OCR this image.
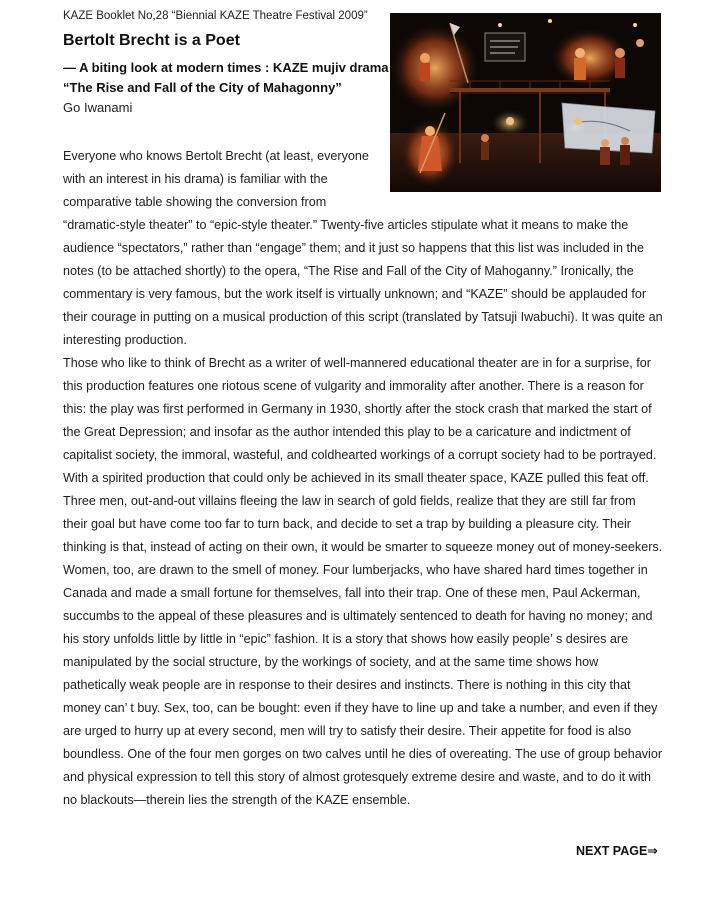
KAZE Booklet No,28 “Biennial KAZE Theatre Festival 2009”
Bertolt Brecht is a Poet
― A biting look at modern times : KAZE mujiv drama “The Rise and Fall of the City of Mahagonny”
Go Iwanami

Everyone who knows Bertolt Brecht (at least, everyone with an interest in his drama) is familiar with the comparative table showing the conversion from “dramatic-style theater” to “epic-style theater.” Twenty-five articles stipulate what it means to make the audience “spectators,” rather than “engage” them; and it just so happens that this list was included in the notes (to be attached shortly) to the opera, “The Rise and Fall of the City of Mahoganny.” Ironically, the commentary is very famous, but the work itself is virtually unknown; and “KAZE” should be applauded for their courage in putting on a musical production of this script (translated by Tatsuji Iwabuchi). It was quite an interesting production.

Those who like to think of Brecht as a writer of well-mannered educational theater are in for a surprise, for this production features one riotous scene of vulgarity and immorality after another. There is a reason for this: the play was first performed in Germany in 1930, shortly after the stock crash that marked the start of the Great Depression; and insofar as the author intended this play to be a caricature and indictment of capitalist society, the immoral, wasteful, and coldhearted workings of a corrupt society had to be portrayed. With a spirited production that could only be achieved in its small theater space, KAZE pulled this feat off.

Three men, out-and-out villains fleeing the law in search of gold fields, realize that they are still far from their goal but have come too far to turn back, and decide to set a trap by building a pleasure city. Their thinking is that, instead of acting on their own, it would be smarter to squeeze money out of money-seekers. Women, too, are drawn to the smell of money. Four lumberjacks, who have shared hard times together in Canada and made a small fortune for themselves, fall into their trap. One of these men, Paul Ackerman, succumbs to the appeal of these pleasures and is ultimately sentenced to death for having no money; and his story unfolds little by little in “epic” fashion. It is a story that shows how easily people’ s desires are manipulated by the social structure, by the workings of society, and at the same time shows how pathetically weak people are in response to their desires and instincts. There is nothing in this city that money can’ t buy. Sex, too, can be bought: even if they have to line up and take a number, and even if they are urged to hurry up at every second, men will try to satisfy their desire. Their appetite for food is also boundless. One of the four men gorges on two calves until he dies of overeating. The use of group behavior and physical expression to tell this story of almost grotesquely extreme desire and waste, and to do it with no blackouts—therein lies the strength of the KAZE ensemble.

NEXT PAGE⇒
